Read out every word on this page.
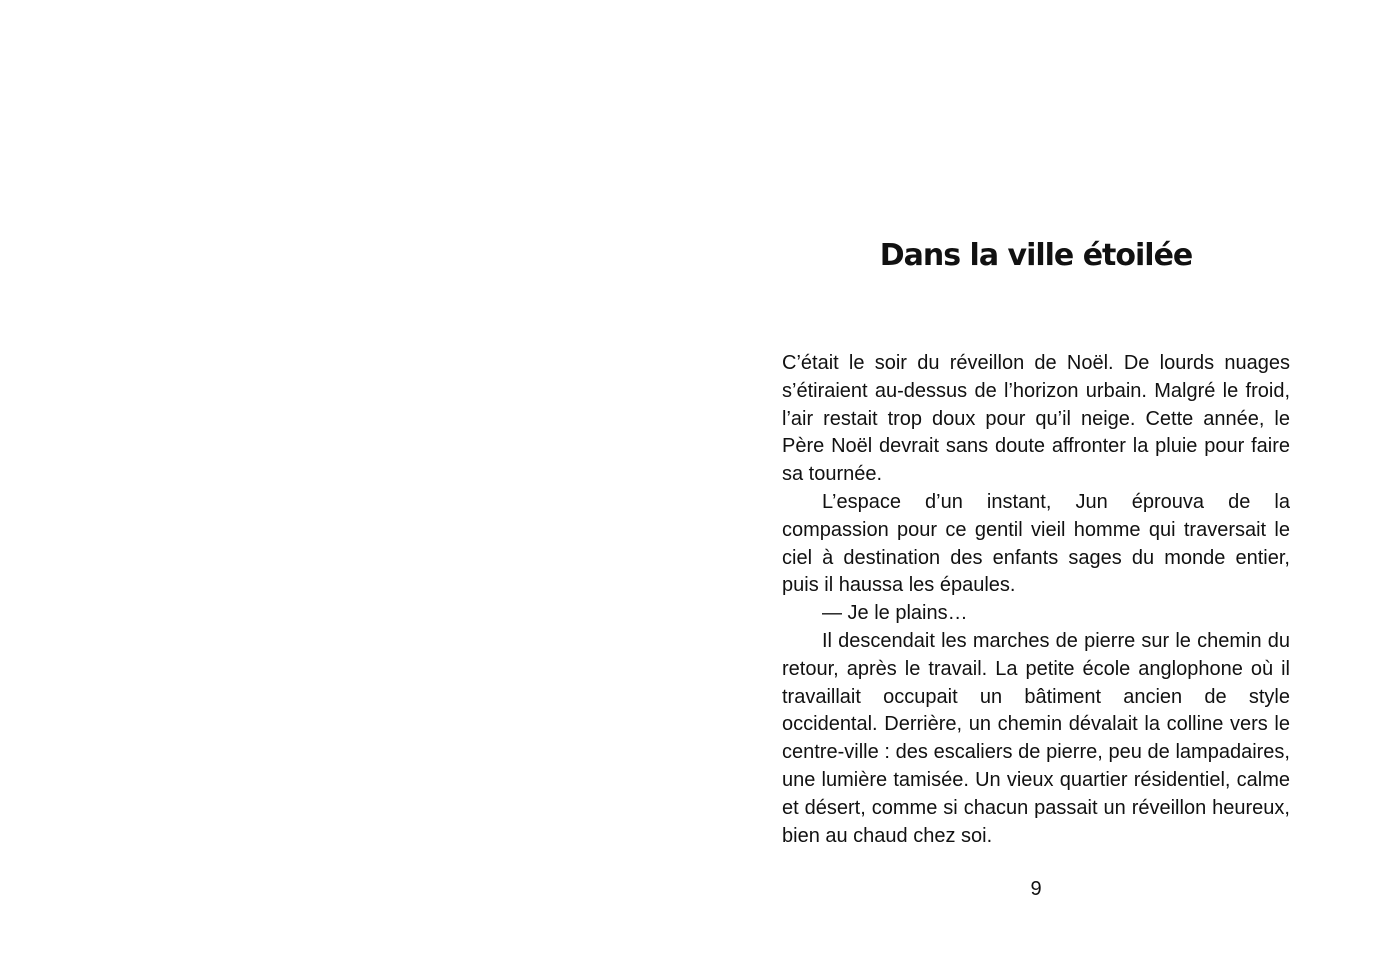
Dans la ville étoilée

C’était le soir du réveillon de Noël. De lourds nuages s’étiraient au-dessus de l’horizon urbain. Malgré le froid, l’air restait trop doux pour qu’il neige. Cette année, le Père Noël devrait sans doute affronter la pluie pour faire sa tournée.

L’espace d’un instant, Jun éprouva de la compassion pour ce gentil vieil homme qui traversait le ciel à destination des enfants sages du monde entier, puis il haussa les épaules.

— Je le plains…

Il descendait les marches de pierre sur le chemin du retour, après le travail. La petite école anglophone où il travaillait occupait un bâtiment ancien de style occidental. Derrière, un chemin dévalait la colline vers le centre-ville : des escaliers de pierre, peu de lampadaires, une lumière tamisée. Un vieux quartier résidentiel, calme et désert, comme si chacun passait un réveillon heureux, bien au chaud chez soi.

9
